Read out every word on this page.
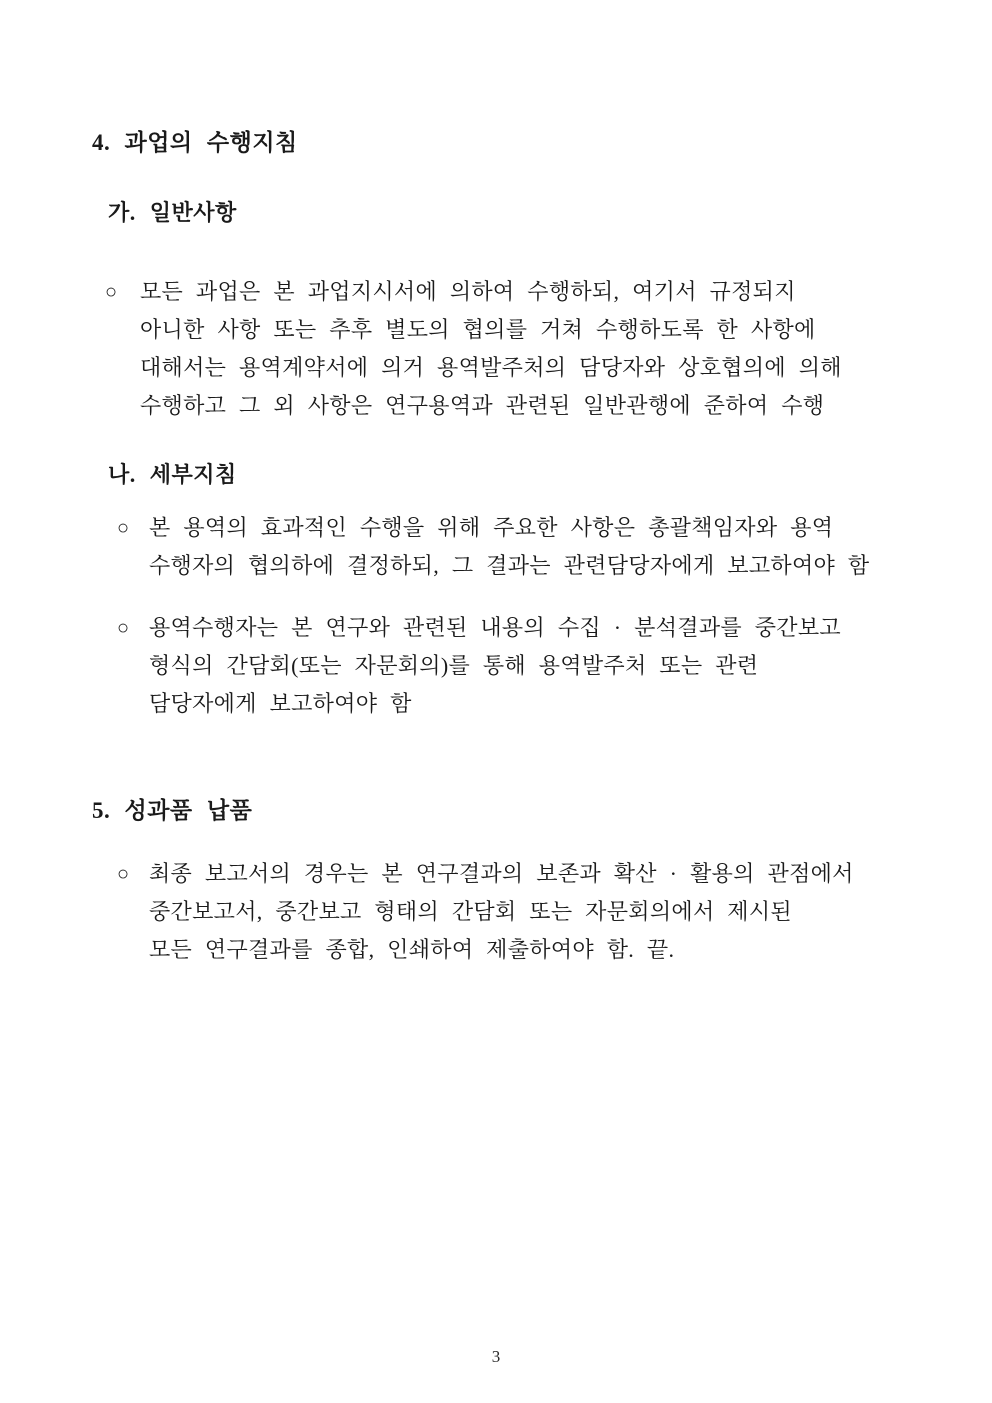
4. 과업의 수행지침
가. 일반사항
○	모든 과업은 본 과업지시서에 의하여 수행하되, 여기서 규정되지
아니한 사항 또는 추후 별도의 협의를 거쳐 수행하도록 한 사항에
대해서는 용역계약서에 의거 용역발주처의 담당자와 상호협의에 의해
수행하고 그 외 사항은 연구용역과 관련된 일반관행에 준하여 수행
나. 세부지침
○ 본 용역의 효과적인 수행을 위해 주요한 사항은 총괄책임자와 용역
수행자의 협의하에 결정하되, 그 결과는 관련담당자에게 보고하여야 함
○ 용역수행자는 본 연구와 관련된 내용의 수집 · 분석결과를 중간보고
형식의 간담회(또는 자문회의)를 통해 용역발주처 또는 관련
담당자에게 보고하여야 함
5. 성과품 납품
○ 최종 보고서의 경우는 본 연구결과의 보존과 확산 · 활용의 관점에서
중간보고서, 중간보고 형태의 간담회 또는 자문회의에서 제시된
모든 연구결과를 종합, 인쇄하여 제출하여야 함. 끝.
3
